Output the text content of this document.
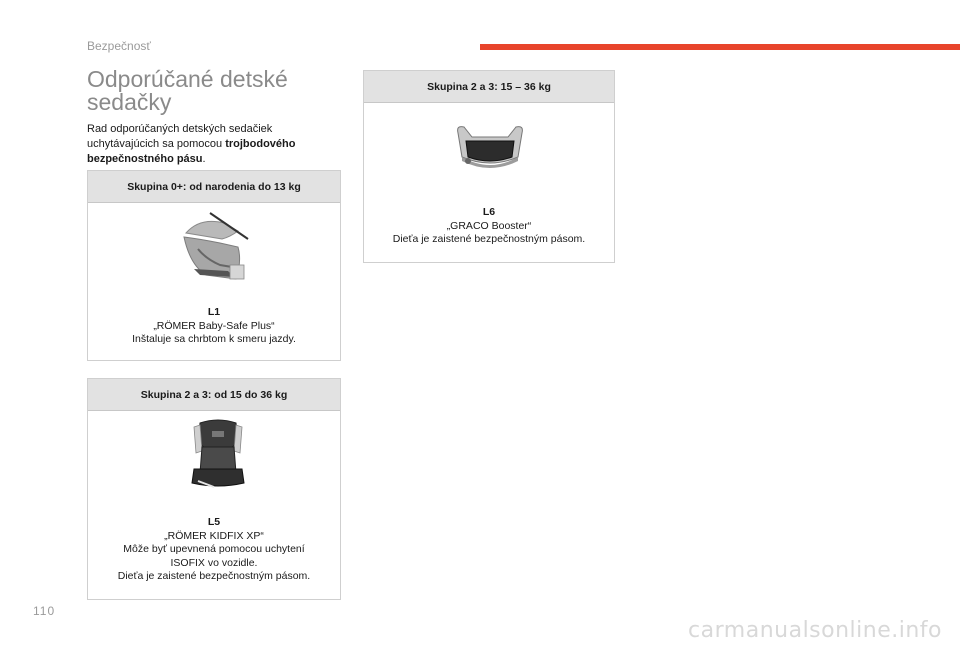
Bezpečnosť
Odporúčané detské
sedačky

Rad odporúčaných detských sedačiek uchytávajúcich sa pomocou trojbodového bezpečnostného pásu.

Skupina 0+: od narodenia do 13 kg
L1
„RÖMER Baby-Safe Plus“
Inštaluje sa chrbtom k smeru jazdy.
Skupina 2 a 3: od 15 do 36 kg
L5
„RÖMER KIDFIX XP“
Môže byť upevnená pomocou uchytení
ISOFIX vo vozidle.
Dieťa je zaistené bezpečnostným pásom.
Skupina 2 a 3: 15 – 36 kg
L6
„GRACO Booster“
Dieťa je zaistené bezpečnostným pásom.
110
carmanualsonline.info
